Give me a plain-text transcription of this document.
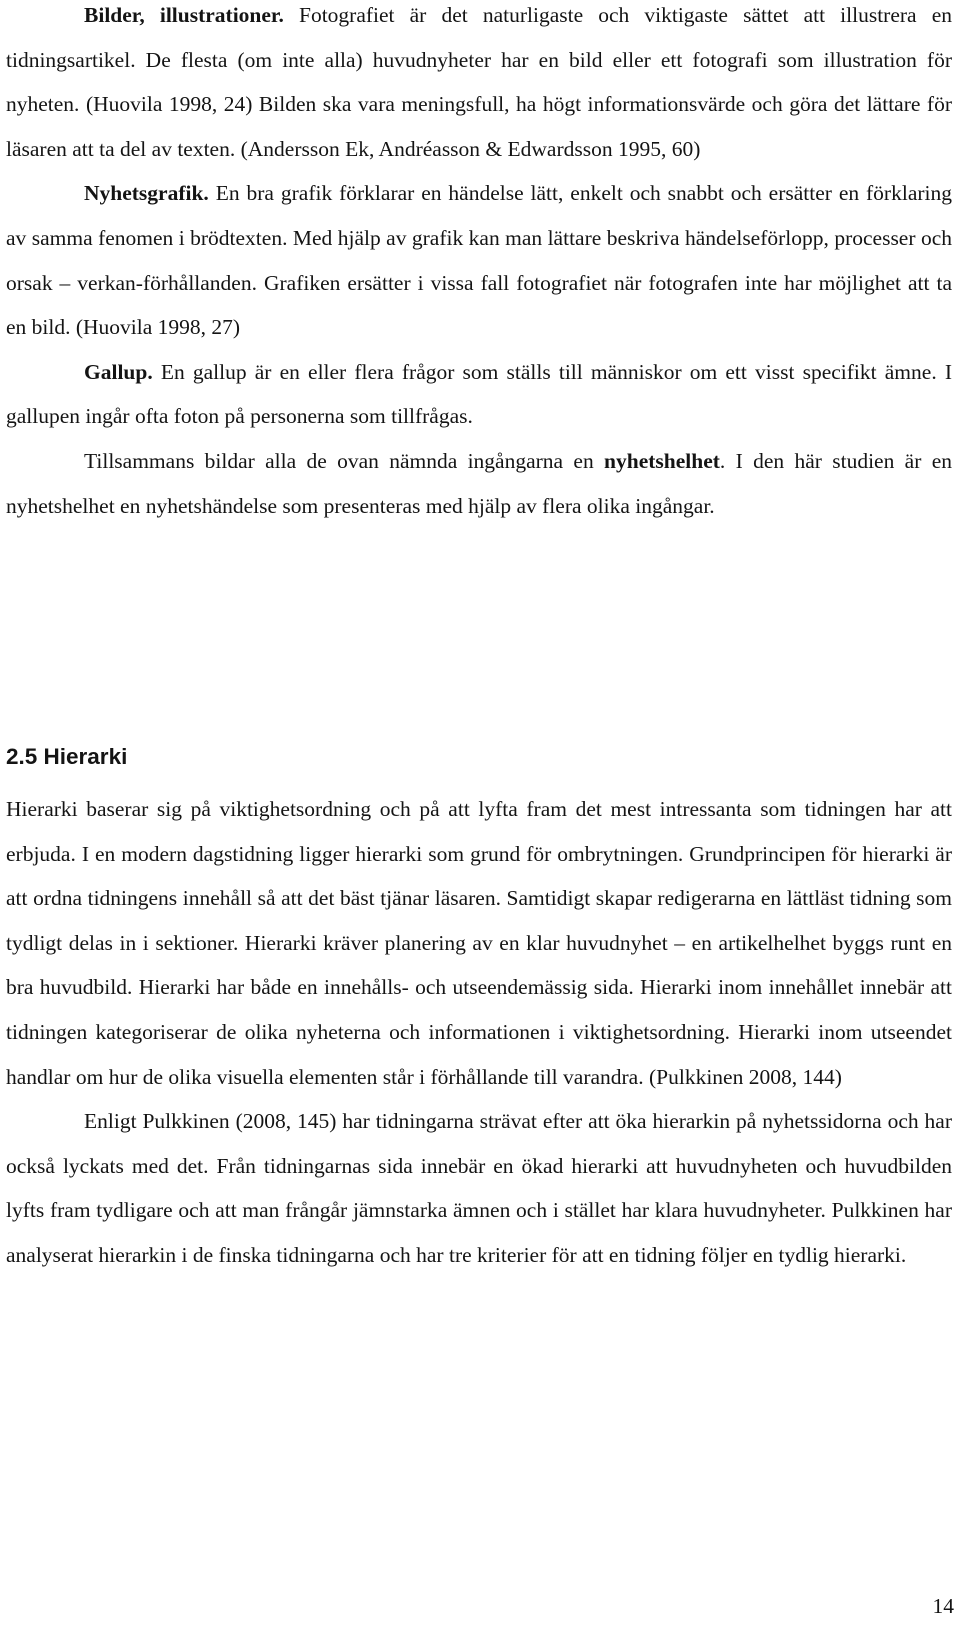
Bilder, illustrationer. Fotografiet är det naturligaste och viktigaste sättet att illustrera en tidningsartikel. De flesta (om inte alla) huvudnyheter har en bild eller ett fotografi som illustration för nyheten. (Huovila 1998, 24) Bilden ska vara meningsfull, ha högt informationsvärde och göra det lättare för läsaren att ta del av texten. (Andersson Ek, Andréasson & Edwardsson 1995, 60)

Nyhetsgrafik. En bra grafik förklarar en händelse lätt, enkelt och snabbt och ersätter en förklaring av samma fenomen i brödtexten. Med hjälp av grafik kan man lättare beskriva händelseförlopp, processer och orsak – verkan-förhållanden. Grafiken ersätter i vissa fall fotografiet när fotografen inte har möjlighet att ta en bild. (Huovila 1998, 27)

Gallup. En gallup är en eller flera frågor som ställs till människor om ett visst specifikt ämne. I gallupen ingår ofta foton på personerna som tillfrågas.

Tillsammans bildar alla de ovan nämnda ingångarna en nyhetshelhet. I den här studien är en nyhetshelhet en nyhetshändelse som presenteras med hjälp av flera olika ingångar.

2.5 Hierarki

Hierarki baserar sig på viktighetsordning och på att lyfta fram det mest intressanta som tidningen har att erbjuda. I en modern dagstidning ligger hierarki som grund för ombrytningen. Grundprincipen för hierarki är att ordna tidningens innehåll så att det bäst tjänar läsaren. Samtidigt skapar redigerarna en lättläst tidning som tydligt delas in i sektioner. Hierarki kräver planering av en klar huvudnyhet – en artikelhelhet byggs runt en bra huvudbild. Hierarki har både en innehålls- och utseendemässig sida. Hierarki inom innehållet innebär att tidningen kategoriserar de olika nyheterna och informationen i viktighetsordning. Hierarki inom utseendet handlar om hur de olika visuella elementen står i förhållande till varandra. (Pulkkinen 2008, 144)

Enligt Pulkkinen (2008, 145) har tidningarna strävat efter att öka hierarkin på nyhetssidorna och har också lyckats med det. Från tidningarnas sida innebär en ökad hierarki att huvudnyheten och huvudbilden lyfts fram tydligare och att man frångår jämnstarka ämnen och i stället har klara huvudnyheter. Pulkkinen har analyserat hierarkin i de finska tidningarna och har tre kriterier för att en tidning följer en tydlig hierarki.

14
